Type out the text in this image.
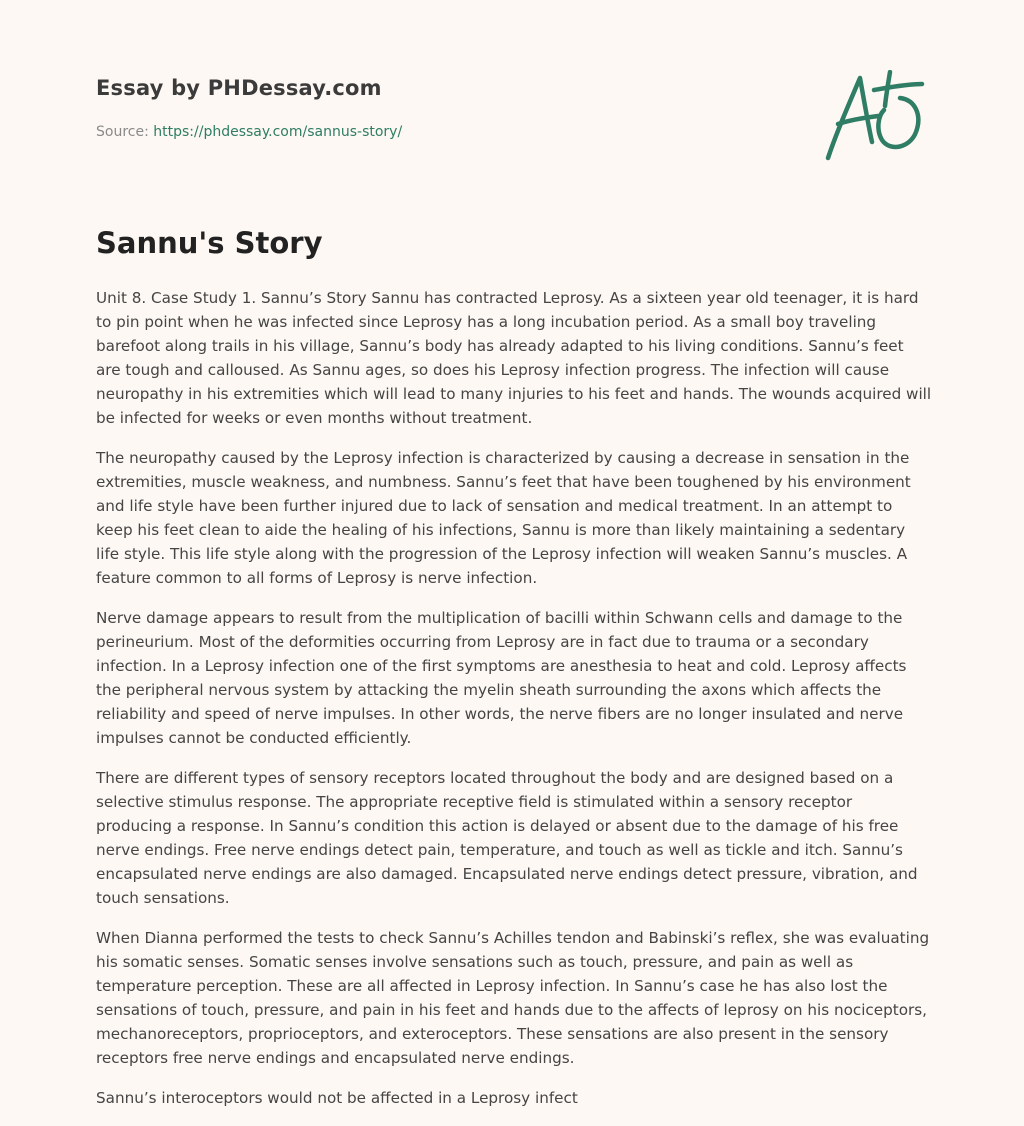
Essay by PHDessay.com
Source: https://phdessay.com/sannus-story/
Sannu's Story

Unit 8. Case Study 1. Sannu’s Story Sannu has contracted Leprosy. As a sixteen year old teenager, it is hard to pin point when he was infected since Leprosy has a long incubation period. As a small boy traveling barefoot along trails in his village, Sannu’s body has already adapted to his living conditions. Sannu’s feet are tough and calloused. As Sannu ages, so does his Leprosy infection progress. The infection will cause neuropathy in his extremities which will lead to many injuries to his feet and hands. The wounds acquired will be infected for weeks or even months without treatment.

The neuropathy caused by the Leprosy infection is characterized by causing a decrease in sensation in the extremities, muscle weakness, and numbness. Sannu’s feet that have been toughened by his environment and life style have been further injured due to lack of sensation and medical treatment. In an attempt to keep his feet clean to aide the healing of his infections, Sannu is more than likely maintaining a sedentary life style. This life style along with the progression of the Leprosy infection will weaken Sannu’s muscles. A feature common to all forms of Leprosy is nerve infection.

Nerve damage appears to result from the multiplication of bacilli within Schwann cells and damage to the perineurium. Most of the deformities occurring from Leprosy are in fact due to trauma or a secondary infection. In a Leprosy infection one of the first symptoms are anesthesia to heat and cold. Leprosy affects the peripheral nervous system by attacking the myelin sheath surrounding the axons which affects the reliability and speed of nerve impulses. In other words, the nerve fibers are no longer insulated and nerve impulses cannot be conducted efficiently.

There are different types of sensory receptors located throughout the body and are designed based on a selective stimulus response. The appropriate receptive field is stimulated within a sensory receptor producing a response. In Sannu’s condition this action is delayed or absent due to the damage of his free nerve endings. Free nerve endings detect pain, temperature, and touch as well as tickle and itch. Sannu’s encapsulated nerve endings are also damaged. Encapsulated nerve endings detect pressure, vibration, and touch sensations.

When Dianna performed the tests to check Sannu’s Achilles tendon and Babinski’s reflex, she was evaluating his somatic senses. Somatic senses involve sensations such as touch, pressure, and pain as well as temperature perception. These are all affected in Leprosy infection. In Sannu’s case he has also lost the sensations of touch, pressure, and pain in his feet and hands due to the affects of leprosy on his nociceptors, mechanoreceptors, proprioceptors, and exteroceptors. These sensations are also present in the sensory receptors free nerve endings and encapsulated nerve endings.

Sannu’s interoceptors would not be affected in a Leprosy infect
